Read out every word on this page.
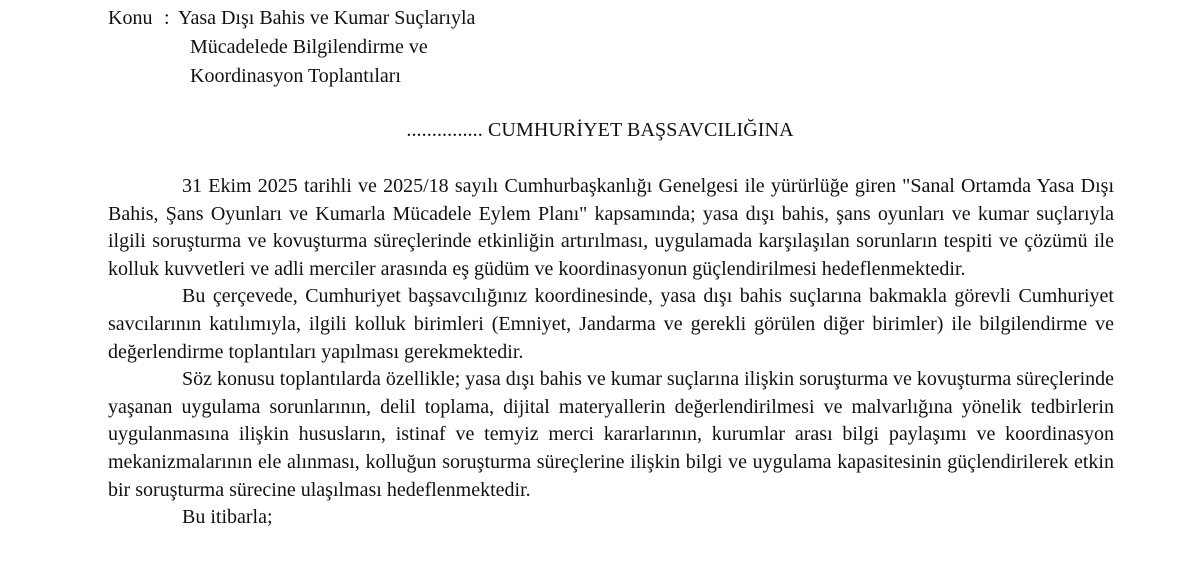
Konu : Yasa Dışı Bahis ve Kumar Suçlarıyla
Mücadelede Bilgilendirme ve
Koordinasyon Toplantıları
............... CUMHURİYET BAŞSAVCILIĞINA

31 Ekim 2025 tarihli ve 2025/18 sayılı Cumhurbaşkanlığı Genelgesi ile yürürlüğe giren "Sanal Ortamda Yasa Dışı Bahis, Şans Oyunları ve Kumarla Mücadele Eylem Planı" kapsamında; yasa dışı bahis, şans oyunları ve kumar suçlarıyla ilgili soruşturma ve kovuşturma süreçlerinde etkinliğin artırılması, uygulamada karşılaşılan sorunların tespiti ve çözümü ile kolluk kuvvetleri ve adli merciler arasında eş güdüm ve koordinasyonun güçlendirilmesi hedeflenmektedir.

Bu çerçevede, Cumhuriyet başsavcılığınız koordinesinde, yasa dışı bahis suçlarına bakmakla görevli Cumhuriyet savcılarının katılımıyla, ilgili kolluk birimleri (Emniyet, Jandarma ve gerekli görülen diğer birimler) ile bilgilendirme ve değerlendirme toplantıları yapılması gerekmektedir.

Söz konusu toplantılarda özellikle; yasa dışı bahis ve kumar suçlarına ilişkin soruşturma ve kovuşturma süreçlerinde yaşanan uygulama sorunlarının, delil toplama, dijital materyallerin değerlendirilmesi ve malvarlığına yönelik tedbirlerin uygulanmasına ilişkin hususların, istinaf ve temyiz merci kararlarının, kurumlar arası bilgi paylaşımı ve koordinasyon mekanizmalarının ele alınması, kolluğun soruşturma süreçlerine ilişkin bilgi ve uygulama kapasitesinin güçlendirilerek etkin bir soruşturma sürecine ulaşılması hedeflenmektedir.

Bu itibarla;
